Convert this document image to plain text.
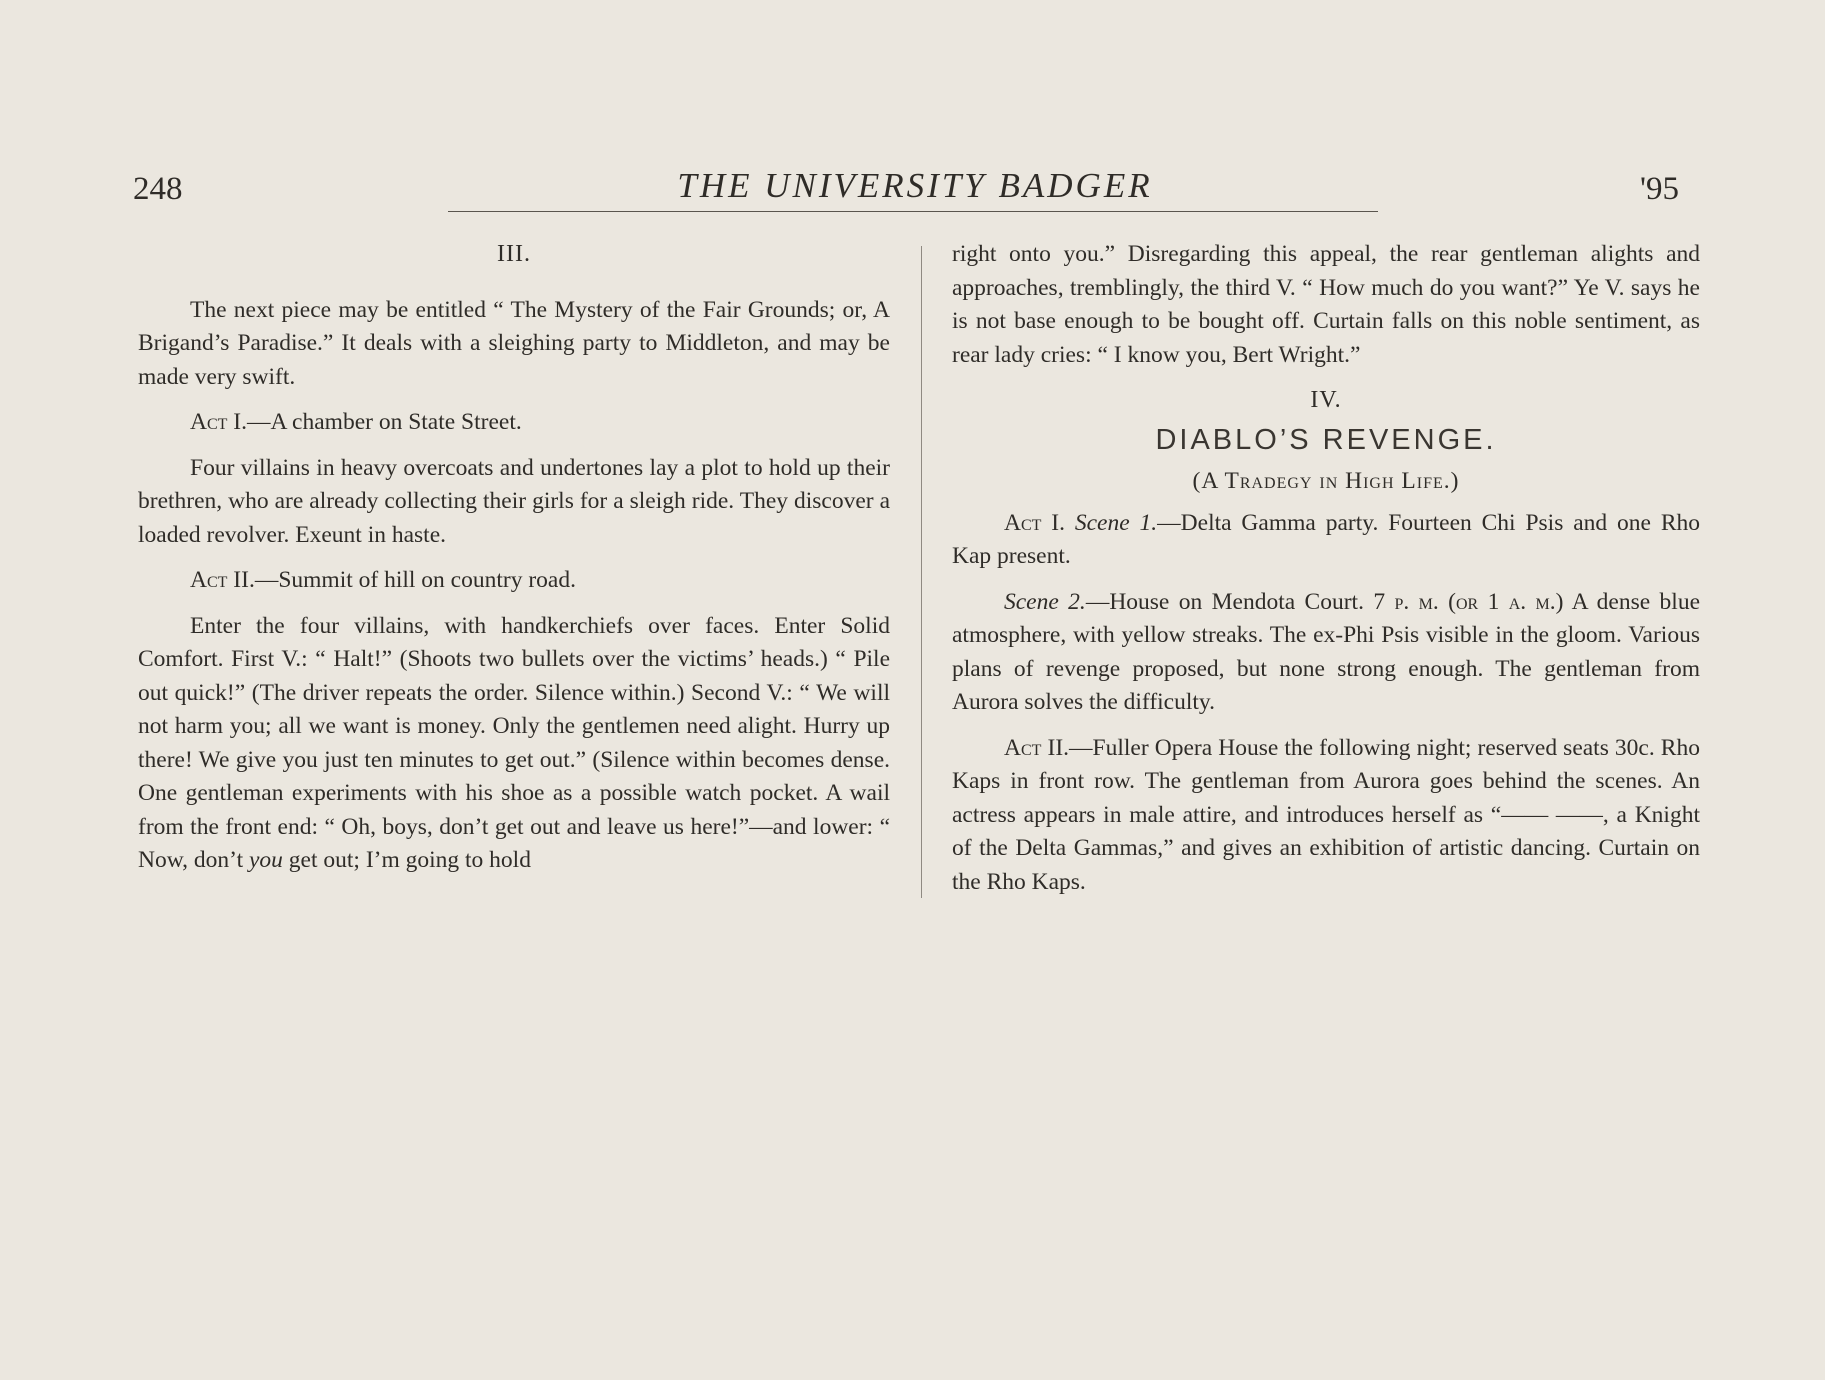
248	THE UNIVERSITY BADGER	'95
III.

The next piece may be entitled “ The Mystery of the Fair Grounds; or, A Brigand’s Paradise.” It deals with a sleighing party to Middleton, and may be made very swift.

Act I.—A chamber on State Street.

Four villains in heavy overcoats and undertones lay a plot to hold up their brethren, who are already collecting their girls for a sleigh ride. They discover a loaded revolver. Exeunt in haste.

Act II.—Summit of hill on country road.

Enter the four villains, with handkerchiefs over faces. Enter Solid Comfort. First V.: “ Halt!” (Shoots two bullets over the victims’ heads.) “ Pile out quick!” (The driver repeats the order. Silence within.) Second V.: “ We will not harm you; all we want is money. Only the gentlemen need alight. Hurry up there! We give you just ten minutes to get out.” (Silence within becomes dense. One gentleman experiments with his shoe as a possible watch pocket. A wail from the front end: “ Oh, boys, don’t get out and leave us here!”—and lower: “ Now, don’t you get out; I’m going to hold

right onto you.” Disregarding this appeal, the rear gentleman alights and approaches, tremblingly, the third V. “ How much do you want?” Ye V. says he is not base enough to be bought off. Curtain falls on this noble sentiment, as rear lady cries: “ I know you, Bert Wright.”

IV.
DIABLO’S REVENGE.
(A Tradegy in High Life.)

Act I. Scene 1.—Delta Gamma party. Fourteen Chi Psis and one Rho Kap present.

Scene 2.—House on Mendota Court. 7 p. m. (or 1 a. m.) A dense blue atmosphere, with yellow streaks. The ex-Phi Psis visible in the gloom. Various plans of revenge proposed, but none strong enough. The gentleman from Aurora solves the difficulty.

Act II.—Fuller Opera House the following night; reserved seats 30c. Rho Kaps in front row. The gentleman from Aurora goes behind the scenes. An actress appears in male attire, and introduces herself as “—— ——, a Knight of the Delta Gammas,” and gives an exhibition of artistic dancing. Curtain on the Rho Kaps.
